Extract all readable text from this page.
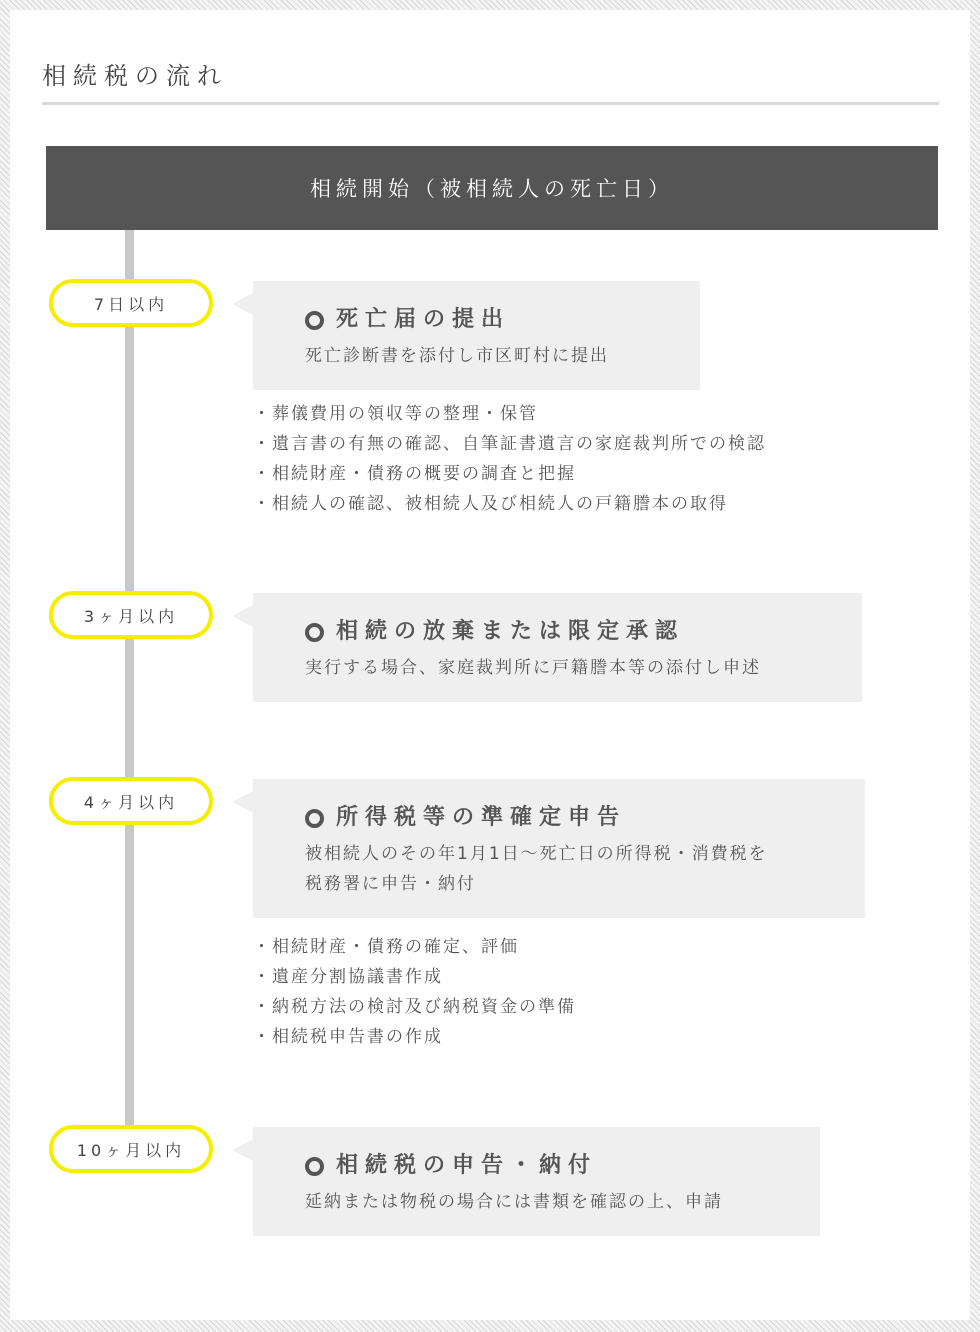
相続税の流れ
相続開始（被相続人の死亡日）
7日以内
死亡届の提出
死亡診断書を添付し市区町村に提出
・葬儀費用の領収等の整理・保管
・遺言書の有無の確認、自筆証書遺言の家庭裁判所での検認
・相続財産・債務の概要の調査と把握
・相続人の確認、被相続人及び相続人の戸籍謄本の取得
3ヶ月以内
相続の放棄または限定承認
実行する場合、家庭裁判所に戸籍謄本等の添付し申述
4ヶ月以内
所得税等の準確定申告
被相続人のその年1月1日～死亡日の所得税・消費税を
税務署に申告・納付
・相続財産・債務の確定、評価
・遺産分割協議書作成
・納税方法の検討及び納税資金の準備
・相続税申告書の作成
10ヶ月以内
相続税の申告・納付
延納または物税の場合には書類を確認の上、申請
